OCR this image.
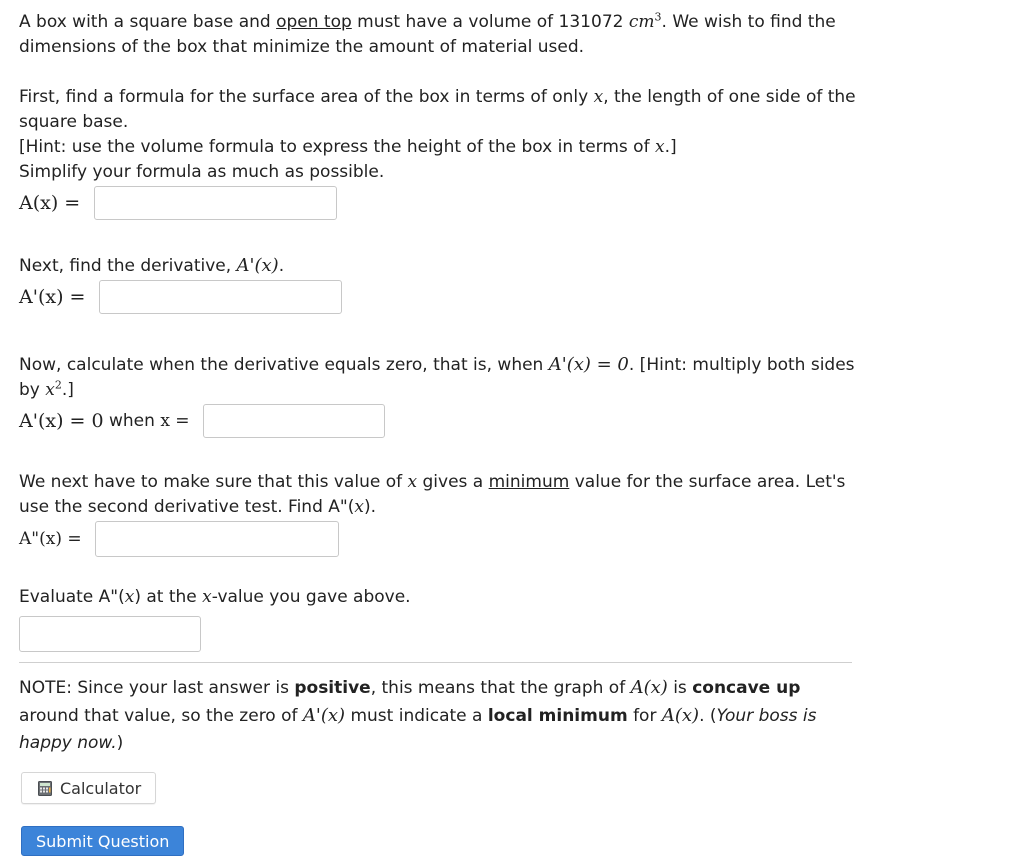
A box with a square base and open top must have a volume of 131072 $cm^3$. We wish to find the dimensions of the box that minimize the amount of material used.

First, find a formula for the surface area of the box in terms of only x, the length of one side of the square base.
[Hint: use the volume formula to express the height of the box in terms of x.]
Simplify your formula as much as possible.

A(x) =

Next, find the derivative, A'(x).

A'(x) =

Now, calculate when the derivative equals zero, that is, when A'(x) = 0. [Hint: multiply both sides by $x^2$.]

A'(x) = 0 when x =

We next have to make sure that this value of x gives a minimum value for the surface area. Let's use the second derivative test. Find A"(x).

A"(x) =

Evaluate A"(x) at the x-value you gave above.

NOTE: Since your last answer is positive, this means that the graph of A(x) is concave up around that value, so the zero of A'(x) must indicate a local minimum for A(x). (Your boss is happy now.)

Calculator
Submit Question
